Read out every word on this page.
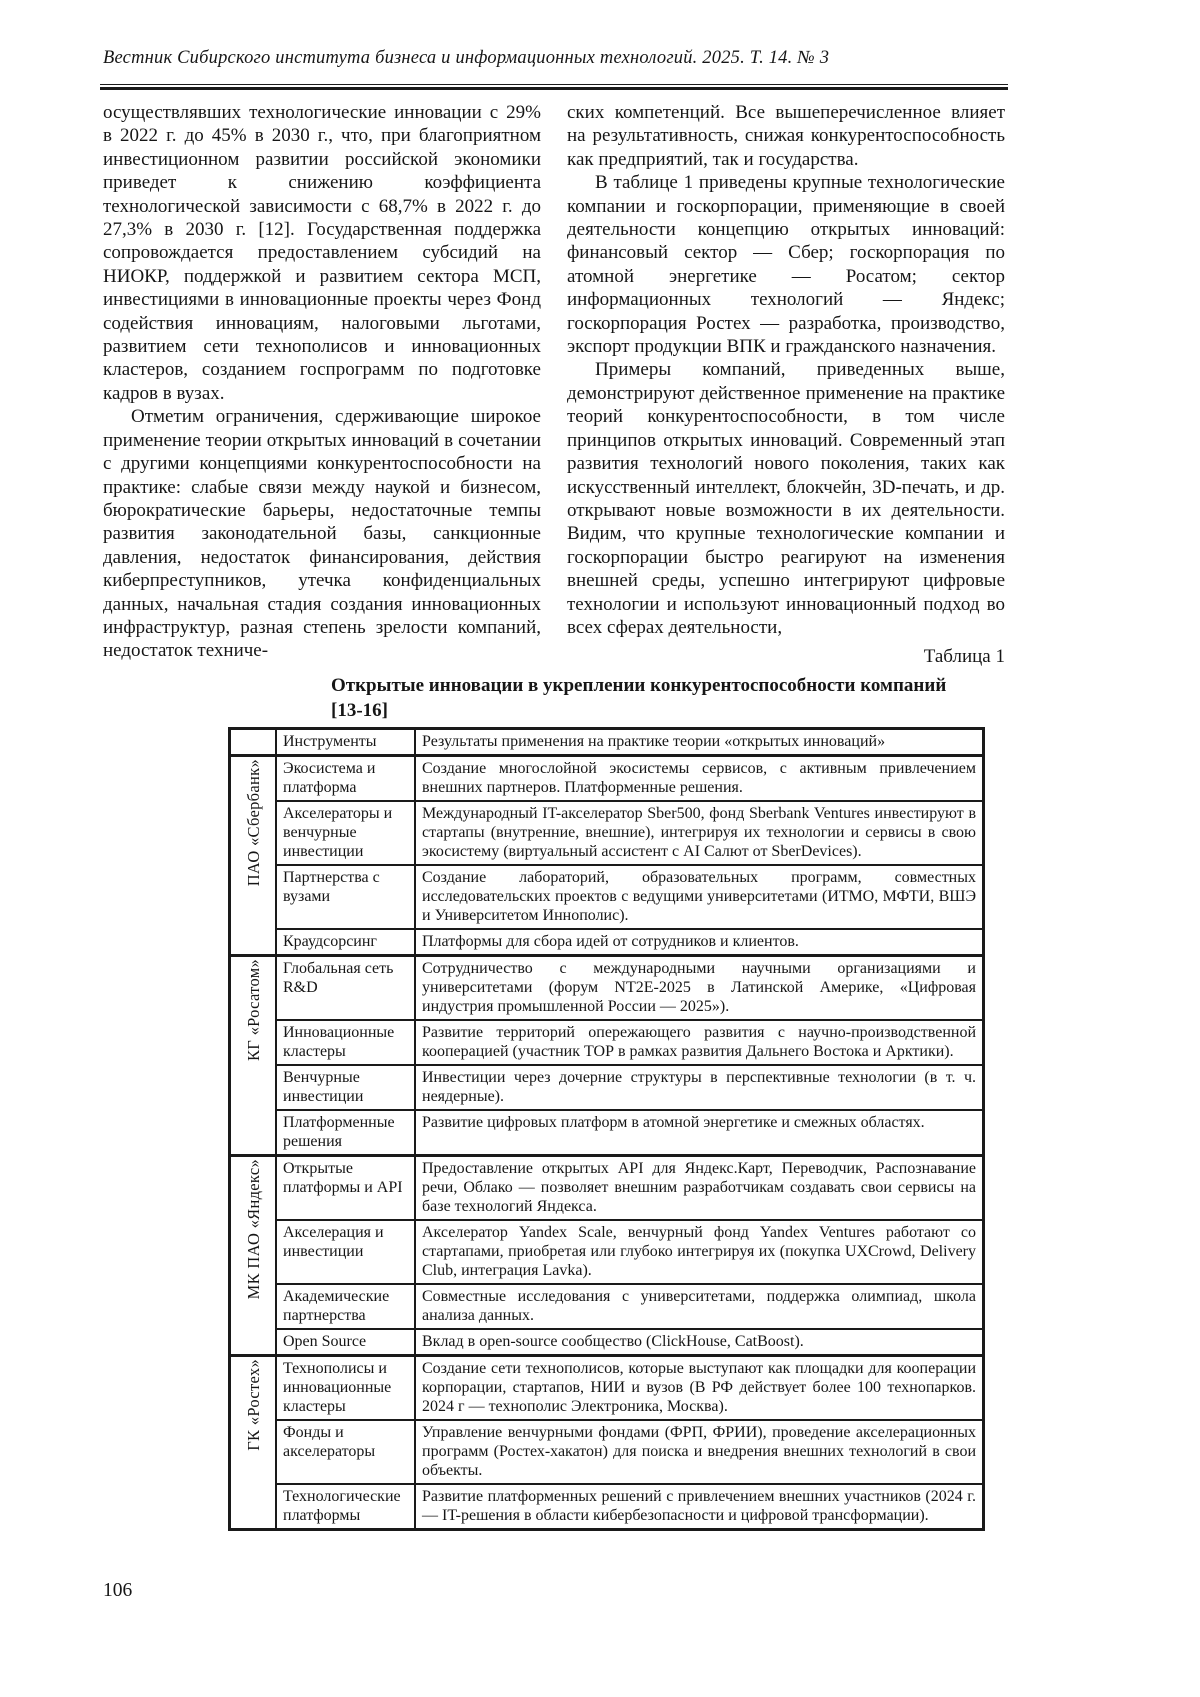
Вестник Сибирского института бизнеса и информационных технологий. 2025. Т. 14. № 3

осуществлявших технологические инновации с 29% в 2022 г. до 45% в 2030 г., что, при благоприятном инвестиционном развитии российской экономики приведет к снижению коэффициента технологической зависимости с 68,7% в 2022 г. до 27,3% в 2030 г. [12]. Государственная поддержка сопровождается предоставлением субсидий на НИОКР, поддержкой и развитием сектора МСП, инвестициями в инновационные проекты через Фонд содействия инновациям, налоговыми льготами, развитием сети технополисов и инновационных кластеров, созданием госпрограмм по подготовке кадров в вузах.

Отметим ограничения, сдерживающие широкое применение теории открытых инноваций в сочетании с другими концепциями конкурентоспособности на практике: слабые связи между наукой и бизнесом, бюрократические барьеры, недостаточные темпы развития законодательной базы, санкционные давления, недостаток финансирования, действия киберпреступников, утечка конфиденциальных данных, начальная стадия создания инновационных инфраструктур, разная степень зрелости компаний, недостаток техниче-

ских компетенций. Все вышеперечисленное влияет на результативность, снижая конкурентоспособность как предприятий, так и государства.

В таблице 1 приведены крупные технологические компании и госкорпорации, применяющие в своей деятельности концепцию открытых инноваций: финансовый сектор — Сбер; госкорпорация по атомной энергетике — Росатом; сектор информационных технологий — Яндекс; госкорпорация Ростех — разработка, производство, экспорт продукции ВПК и гражданского назначения.

Примеры компаний, приведенных выше, демонстрируют действенное применение на практике теорий конкурентоспособности, в том числе принципов открытых инноваций. Современный этап развития технологий нового поколения, таких как искусственный интеллект, блокчейн, 3D-печать, и др. открывают новые возможности в их деятельности. Видим, что крупные технологические компании и госкорпорации быстро реагируют на изменения внешней среды, успешно интегрируют цифровые технологии и используют инновационный подход во всех сферах деятельности,

Таблица 1
Открытые инновации в укреплении конкурентоспособности компаний
[13-16]
	Инструменты	Результаты применения на практике теории «открытых инноваций»
ПАО «Сбербанк»	Экосистема и платформа	Создание многослойной экосистемы сервисов, с активным привлечением внешних партнеров. Платформенные решения.
	Акселераторы и венчурные инвестиции	Международный IT-акселератор Sber500, фонд Sberbank Ventures инвестируют в стартапы (внутренние, внешние), интегрируя их технологии и сервисы в свою экосистему (виртуальный ассистент с AI Салют от SberDevices).
	Партнерства с вузами	Создание лабораторий, образовательных программ, совместных исследовательских проектов с ведущими университетами (ИТМО, МФТИ, ВШЭ и Университетом Иннополис).
	Краудсорсинг	Платформы для сбора идей от сотрудников и клиентов.
КГ «Росатом»	Глобальная сеть R&D	Сотрудничество с международными научными организациями и университетами (форум NT2E-2025 в Латинской Америке, «Цифровая индустрия промышленной России — 2025»).
	Инновационные кластеры	Развитие территорий опережающего развития с научно-производственной кооперацией (участник ТОР в рамках развития Дальнего Востока и Арктики).
	Венчурные инвестиции	Инвестиции через дочерние структуры в перспективные технологии (в т. ч. неядерные).
	Платформенные решения	Развитие цифровых платформ в атомной энергетике и смежных областях.
МК ПАО «Яндекс»	Открытые платформы и API	Предоставление открытых API для Яндекс.Карт, Переводчик, Распознавание речи, Облако — позволяет внешним разработчикам создавать свои сервисы на базе технологий Яндекса.
	Акселерация и инвестиции	Акселератор Yandex Scale, венчурный фонд Yandex Ventures работают со стартапами, приобретая или глубоко интегрируя их (покупка UXCrowd, Delivery Club, интеграция Lavka).
	Академические партнерства	Совместные исследования с университетами, поддержка олимпиад, школа анализа данных.
	Open Source	Вклад в open-source сообщество (ClickHouse, CatBoost).
ГК «Ростех»	Технополисы и инновационные кластеры	Создание сети технополисов, которые выступают как площадки для кооперации корпорации, стартапов, НИИ и вузов (В РФ действует более 100 технопарков. 2024 г — технополис Электроника, Москва).
	Фонды и акселераторы	Управление венчурными фондами (ФРП, ФРИИ), проведение акселерационных программ (Ростех-хакатон) для поиска и внедрения внешних технологий в свои объекты.
	Технологические платформы	Развитие платформенных решений с привлечением внешних участников (2024 г. — IT-решения в области кибербезопасности и цифровой трансформации).
106
